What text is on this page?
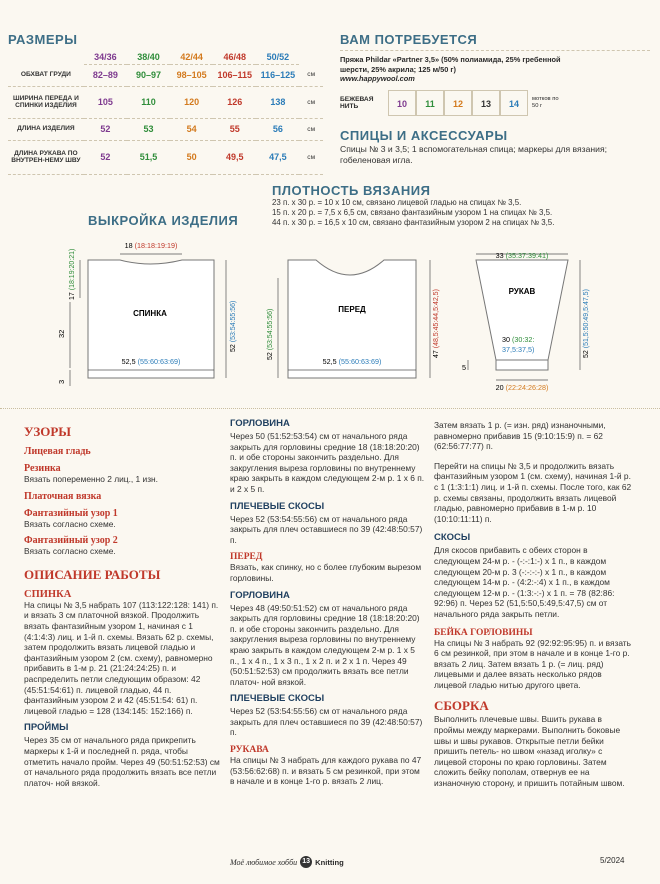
РАЗМЕРЫ
	34/36	38/40	42/44	46/48	50/52	
ОБХВАТ ГРУДИ	82–89	90–97	98–105	106–115	116–125	см
ШИРИНА ПЕРЕДА И СПИНКИ ИЗДЕЛИЯ	105	110	120	126	138	см
ДЛИНА ИЗДЕЛИЯ	52	53	54	55	56	см
ДЛИНА РУКАВА ПО ВНУТРЕН-НЕМУ ШВУ	52	51,5	50	49,5	47,5	см
ВАМ ПОТРЕБУЕТСЯ
Пряжа Phildar «Partner 3,5» (50% полиамида, 25% гребенной шерсти, 25% акрила; 125 м/50 г)
www.happywool.com
БЕЖЕВАЯ НИТЬ	10	11	12	13	14	мотков по 50 г
СПИЦЫ И АКСЕССУАРЫ
Спицы № 3 и 3,5; 1 вспомогательная спица; маркеры для вязания; гобеленовая игла.
ПЛОТНОСТЬ ВЯЗАНИЯ
23 п. х 30 р. = 10 х 10 см, связано лицевой гладью на спицах № 3,5.
15 п. х 20 р. = 7,5 х 6,5 см, связано фантазийным узором 1 на спицах № 3,5.
44 п. х 30 р. = 16,5 х 10 см, связано фантазийным узором 2 на спицах № 3,5.
ВЫКРОЙКА ИЗДЕЛИЯ
СПИНКА
18 (18:18:19:19)
17 (18:19:20:21)
32
3
52 (53:54:55:56)
52,5 (55:60:63:69)
ПЕРЕД
52 (53:54:55:56)
47 (48,5:45:44,5:42,5)
52,5 (55:60:63:69)
РУКАВ
33 (35:37:39:41)
52 (51,5:50:49,5:47,5)
30 (30:32:
37,5:37,5)
20 (22:24:26:28)
5
УЗОРЫ
Лицевая гладь
Резинка
Вязать попеременно 2 лиц., 1 изн.
Платочная вязка
Фантазийный узор 1
Вязать согласно схеме.
Фантазийный узор 2
Вязать согласно схеме.
ОПИСАНИЕ РАБОТЫ
СПИНКА
На спицы № 3,5 набрать 107 (113:122:128: 141) п. и вязать 3 см платочной вязкой. Продолжить вязать фантазийным узором 1, начиная с 1 (4:1:4:3) лиц. и 1-й п. схемы. Вязать 62 р. схемы, затем продолжить вязать лицевой гладью и фантазийным узором 2 (см. схему), равномерно прибавить в 1-м р. 21 (21:24:24:25) п. и распределить петли следующим образом: 42 (45:51:54:61) п. лицевой гладью, 44 п. фантазийным узором 2 и 42 (45:51:54: 61) п. лицевой гладью = 128 (134:145: 152:166) п.
ПРОЙМЫ
Через 35 см от начального ряда прикрепить маркеры к 1-й и последней п. ряда, чтобы отметить начало пройм. Через 49 (50:51:52:53) см от начального ряда продолжить вязать все петли платоч- ной вязкой.
ГОРЛОВИНА
Через 50 (51:52:53:54) см от начального ряда закрыть для горловины средние 18 (18:18:20:20) п. и обе стороны закончить раздельно. Для закругления выреза горловины по внутреннему краю закрыть в каждом следующем 2-м р. 1 х 6 п. и 2 х 5 п.
ПЛЕЧЕВЫЕ СКОСЫ
Через 52 (53:54:55:56) см от начального ряда закрыть для плеч оставшиеся по 39 (42:48:50:57) п.
ПЕРЕД
Вязать, как спинку, но с более глубоким вырезом горловины.
ГОРЛОВИНА
Через 48 (49:50:51:52) см от начального ряда закрыть для горловины средние 18 (18:18:20:20) п. и обе стороны закончить раздельно. Для закругления выреза горловины по внутреннему краю закрыть в каждом следующем 2-м р. 1 х 5 п., 1 х 4 п., 1 х 3 п., 1 х 2 п. и 2 х 1 п. Через 49 (50:51:52:53) см продолжить вязать все петли платоч- ной вязкой.
ПЛЕЧЕВЫЕ СКОСЫ
Через 52 (53:54:55:56) см от начального ряда закрыть для плеч оставшиеся по 39 (42:48:50:57) п.
РУКАВА
На спицы № 3 набрать для каждого рукава по 47 (53:56:62:68) п. и вязать 5 см резинкой, при этом в начале и в конце 1-го р. вязать 2 лиц.
Затем вязать 1 р. (= изн. ряд) изнаночными, равномерно прибавив 15 (9:10:15:9) п. = 62 (62:56:77:77) п.
Перейти на спицы № 3,5 и продолжить вязать фантазийным узором 1 (см. схему), начиная 1-й р. с 1 (1:3:1:1) лиц. и 1-й п. схемы. После того, как 62 р. схемы связаны, продолжить вязать лицевой гладью, равномерно прибавив в 1-м р. 10 (10:10:11:11) п.
СКОСЫ
Для скосов прибавить с обеих сторон в следующем 24-м р. - (-:-:1:-) х 1 п., в каждом следующем 20-м р. 3 (-:-:-:-) х 1 п., в каждом следующем 14-м р. - (4:2:-:4) х 1 п., в каждом следующем 12-м р. - (1:3:-:-) х 1 п. = 78 (82:86: 92:96) п. Через 52 (51,5:50,5:49,5:47,5) см от начального ряда закрыть петли.
БЕЙКА ГОРЛОВИНЫ
На спицы № 3 набрать 92 (92:92:95:95) п. и вязать 6 см резинкой, при этом в начале и в конце 1-го р. вязать 2 лиц. Затем вязать 1 р. (= лиц. ряд) лицевыми и далее вязать несколько рядов лицевой гладью нитью другого цвета.
СБОРКА
Выполнить плечевые швы. Вшить рукава в проймы между маркерами. Выполнить боковые швы и швы рукавов. Открытые петли бейки пришить петель- но швом «назад иголку» с лицевой стороны по краю горловины. Затем сложить бейку пополам, отвернув ее на изнаночную сторону, и пришить потайным швом.
Моё любимое хобби 13 Knitting	5/2024
